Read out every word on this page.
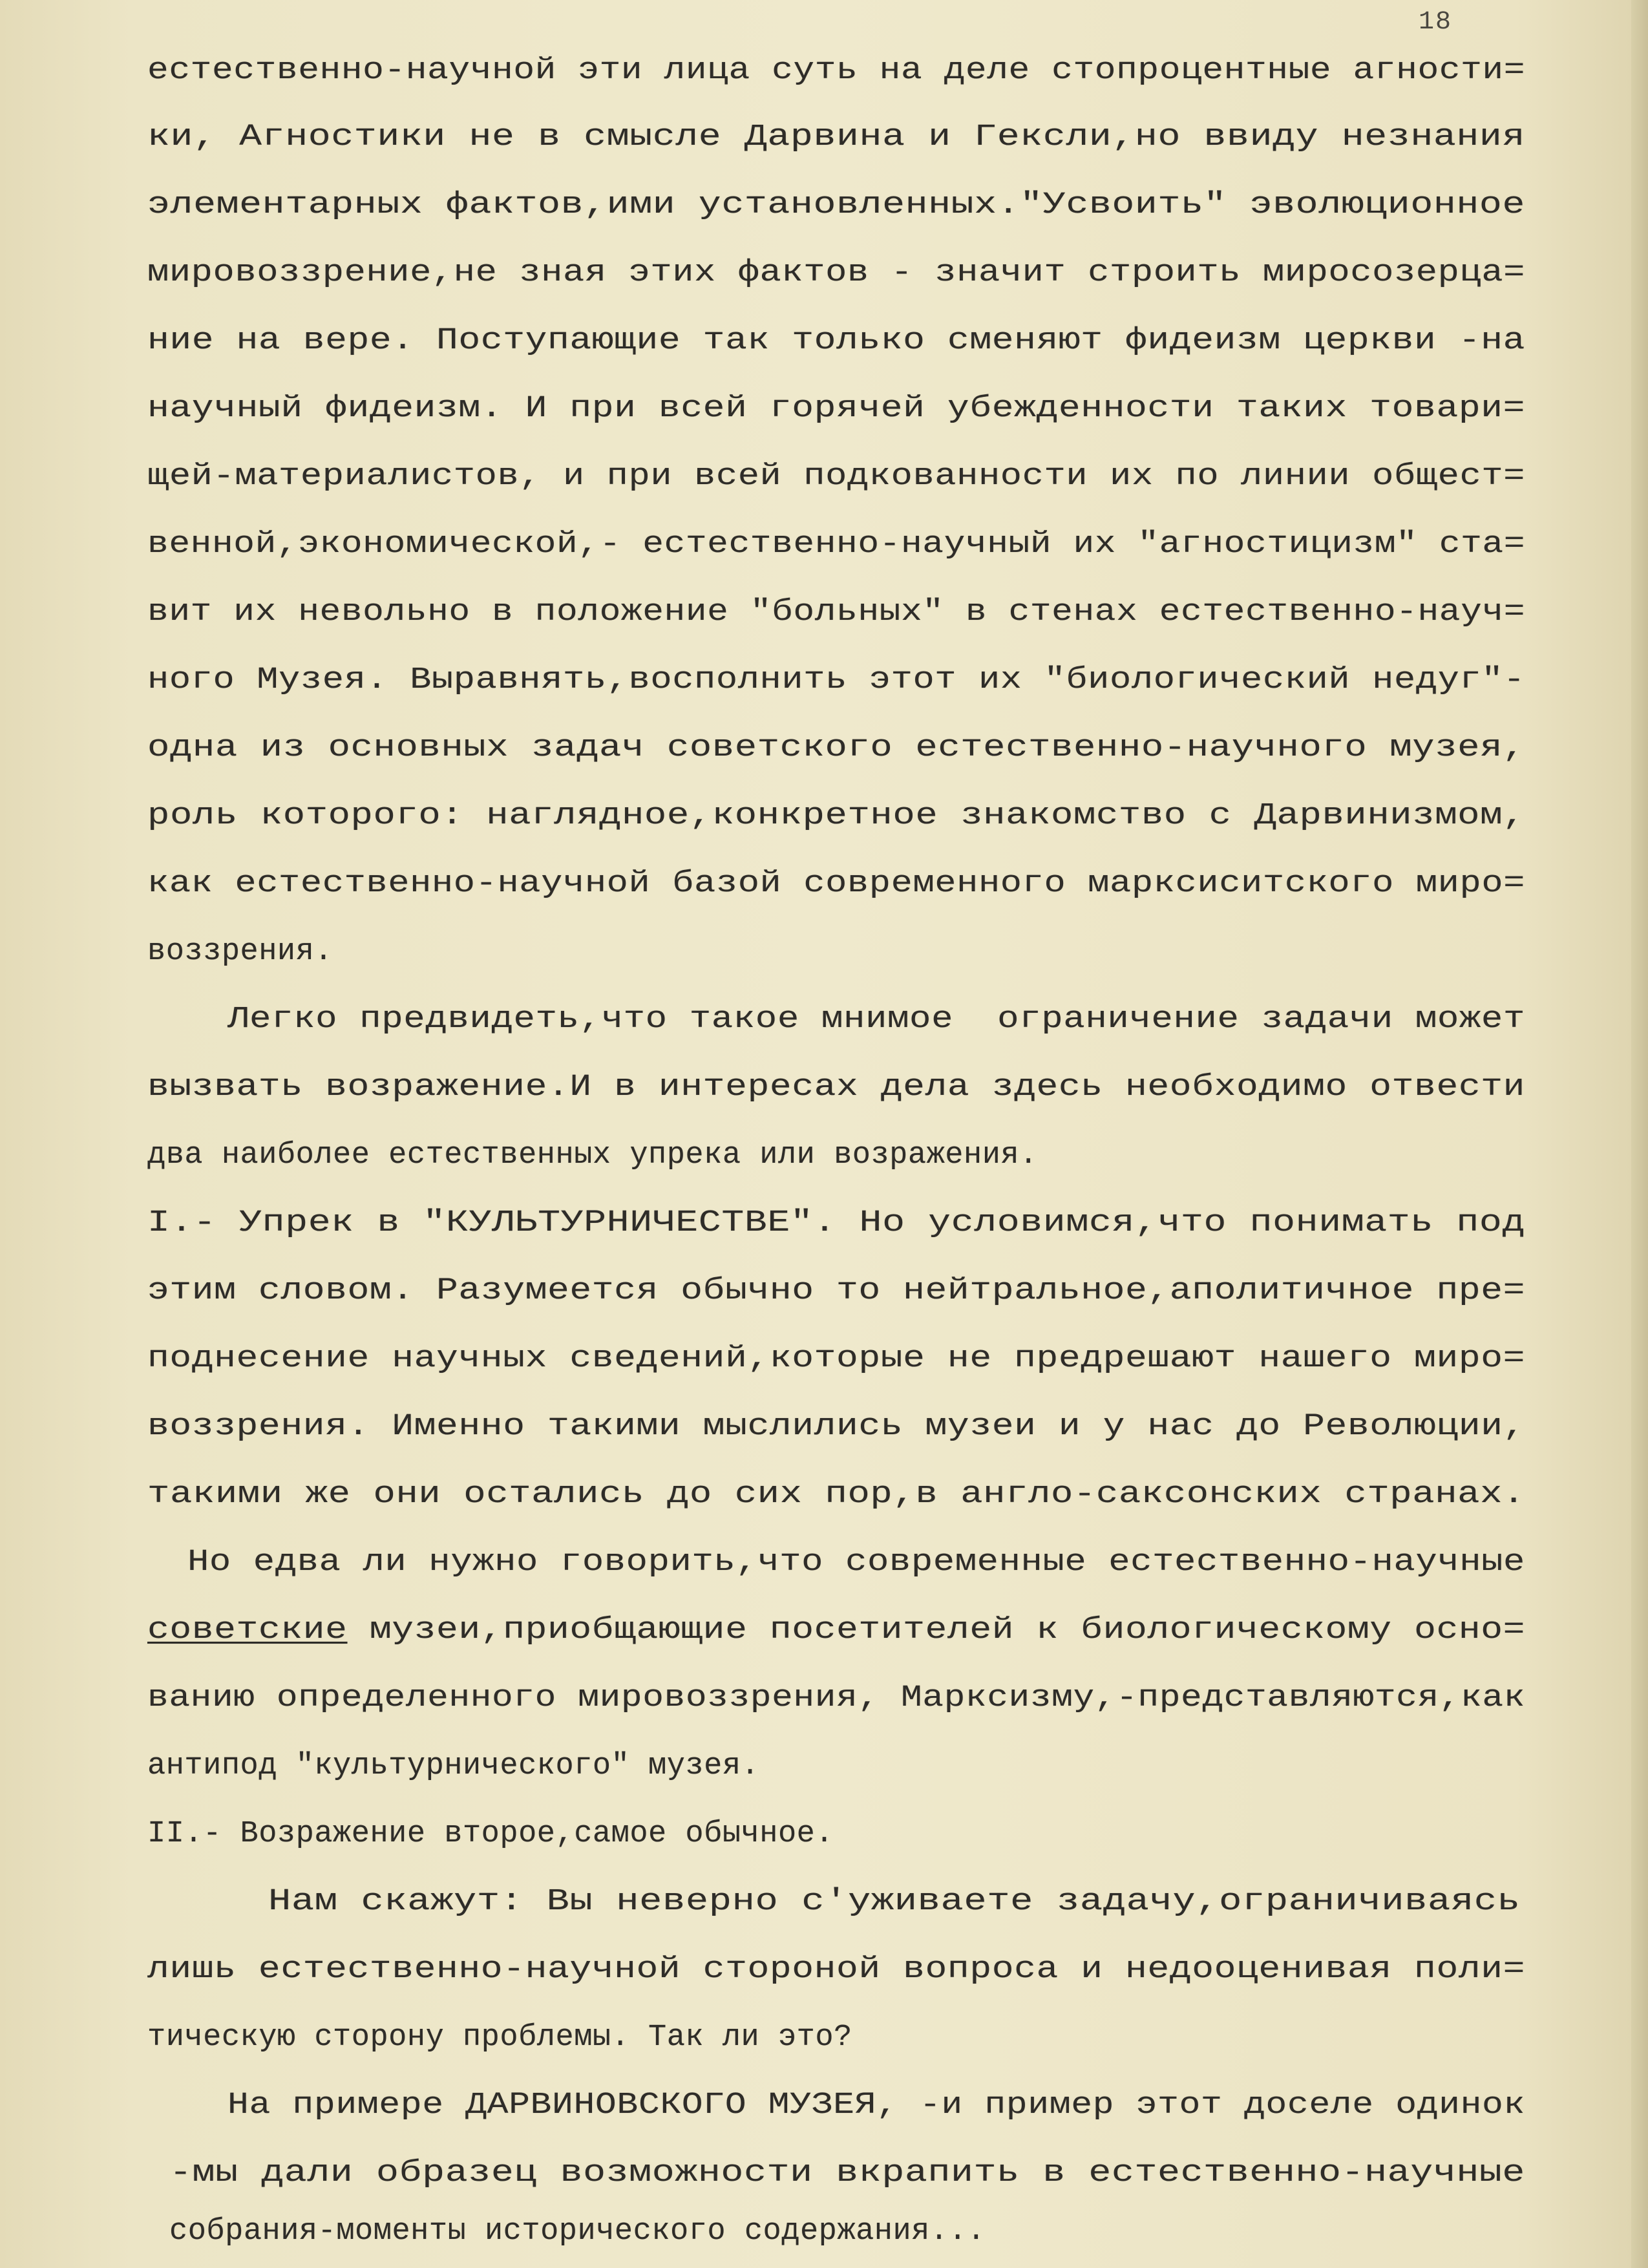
18
естественно-научной эти лица суть на деле стопроцентные агности=
ки, Агностики не в смысле Дарвина и Гексли,но ввиду незнания
элементарных фактов,ими установленных."Усвоить" эволюционное
мировоззрение,не зная этих фактов - значит строить миросозерца=
ние на вере. Поступающие так только сменяют фидеизм церкви -на
научный фидеизм. И при всей горячей убежденности таких товари=
щей-материалистов, и при всей подкованности их по линии общест=
венной,экономической,- естественно-научный их "агностицизм" ста=
вит их невольно в положение "больных" в стенах естественно-науч=
ного Музея. Выравнять,восполнить этот их "биологический недуг"-
одна из основных задач советского естественно-научного музея,
роль которого: наглядное,конкретное знакомство с Дарвинизмом,
как естественно-научной базой современного марксиситского миро=
воззрения.
Легко предвидеть,что такое мнимое  ограничение задачи может
вызвать возражение.И в интересах дела здесь необходимо отвести
два наиболее естественных упрека или возражения.
I.- Упрек в "КУЛЬТУРНИЧЕСТВЕ". Но условимся,что понимать под
этим словом. Разумеется обычно то нейтральное,аполитичное пре=
поднесение научных сведений,которые не предрешают нашего миро=
воззрения. Именно такими мыслились музеи и у нас до Революции,
такими же они остались до сих пор,в англо-саксонских странах.
Но едва ли нужно говорить,что современные естественно-научные
советские музеи,приобщающие посетителей к биологическому осно=
ванию определенного мировоззрения, Марксизму,-представляются,как
антипод "культурнического" музея.
II.- Возражение второе,самое обычное.
Нам скажут: Вы неверно с'уживаете задачу,ограничиваясь
лишь естественно-научной стороной вопроса и недооценивая поли=
тическую сторону проблемы. Так ли это?
На примере ДАРВИНОВСКОГО МУЗЕЯ, -и пример этот доселе одинок
-мы дали образец возможности вкрапить в естественно-научные
собрания-моменты исторического содержания...
